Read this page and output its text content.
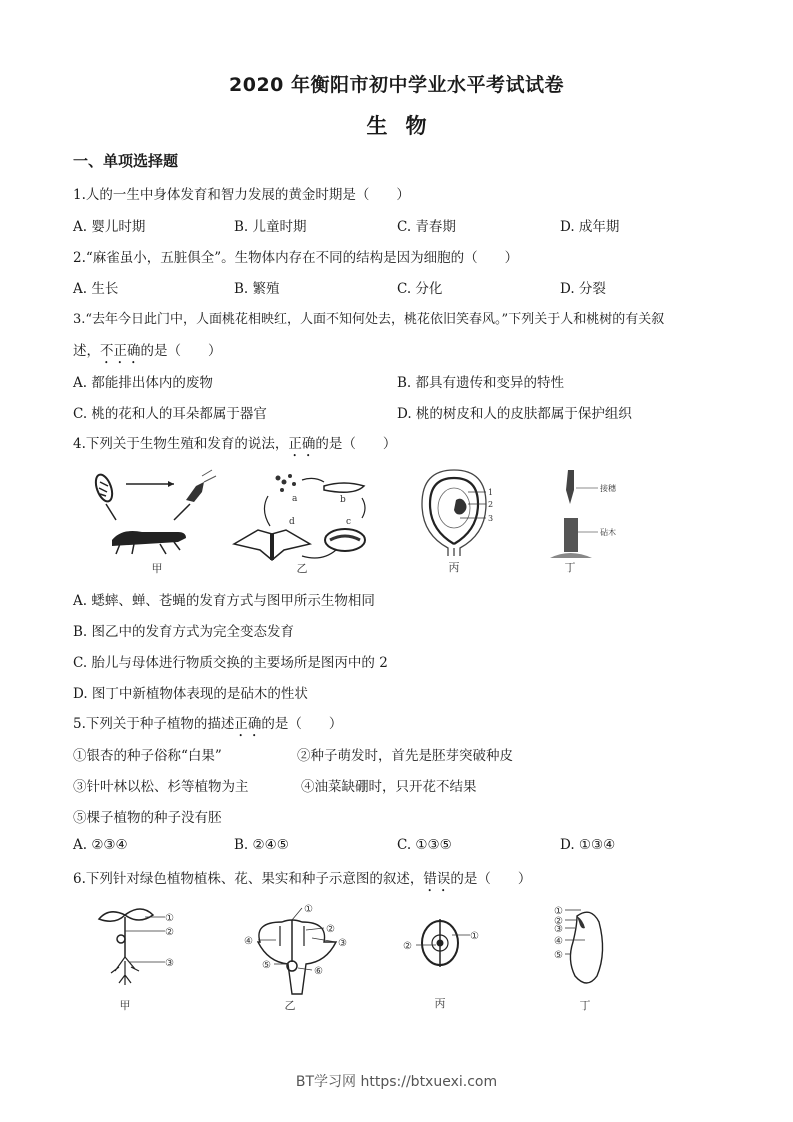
2020 年衡阳市初中学业水平考试试卷
生物
一、单项选择题
1.人的一生中身体发育和智力发展的黄金时期是（　　）
A. 婴儿时期	B. 儿童时期	C. 青春期	D. 成年期
2.“麻雀虽小，五脏俱全”。生物体内存在不同的结构是因为细胞的（　　）
A. 生长	B. 繁殖	C. 分化	D. 分裂
3.“去年今日此门中，人面桃花相映红，人面不知何处去，桃花依旧笑春风。”下列关于人和桃树的有关叙
述，不正确的是（　　）
A. 都能排出体内的废物	B. 都具有遗传和变异的特性
C. 桃的花和人的耳朵都属于器官	D. 桃的树皮和人的皮肤都属于保护组织
4.下列关于生物生殖和发育的说法，正确的是（　　）
甲
a	b
c
d
乙
1
2
3
丙
接穗
砧木
丁
A. 蟋蟀、蝉、苍蝇的发育方式与图甲所示生物相同
B. 图乙中的发育方式为完全变态发育
C. 胎儿与母体进行物质交换的主要场所是图丙中的 2
D. 图丁中新植物体表现的是砧木的性状
5.下列关于种子植物的描述正确的是（　　）
①银杏的种子俗称“白果”	②种子萌发时，首先是胚芽突破种皮
③针叶林以松、杉等植物为主	④油菜缺硼时，只开花不结果
⑤棵子植物的种子没有胚
A. ②③④	B. ②④⑤	C. ①③⑤	D. ①③④
6.下列针对绿色植物植株、花、果实和种子示意图的叙述，错误的是（　　）
①
②
③
甲
①
②
③
④
⑤
⑥
乙
①
②
丙
①
②
③
④
⑤
丁
BT学习网 https://btxuexi.com
